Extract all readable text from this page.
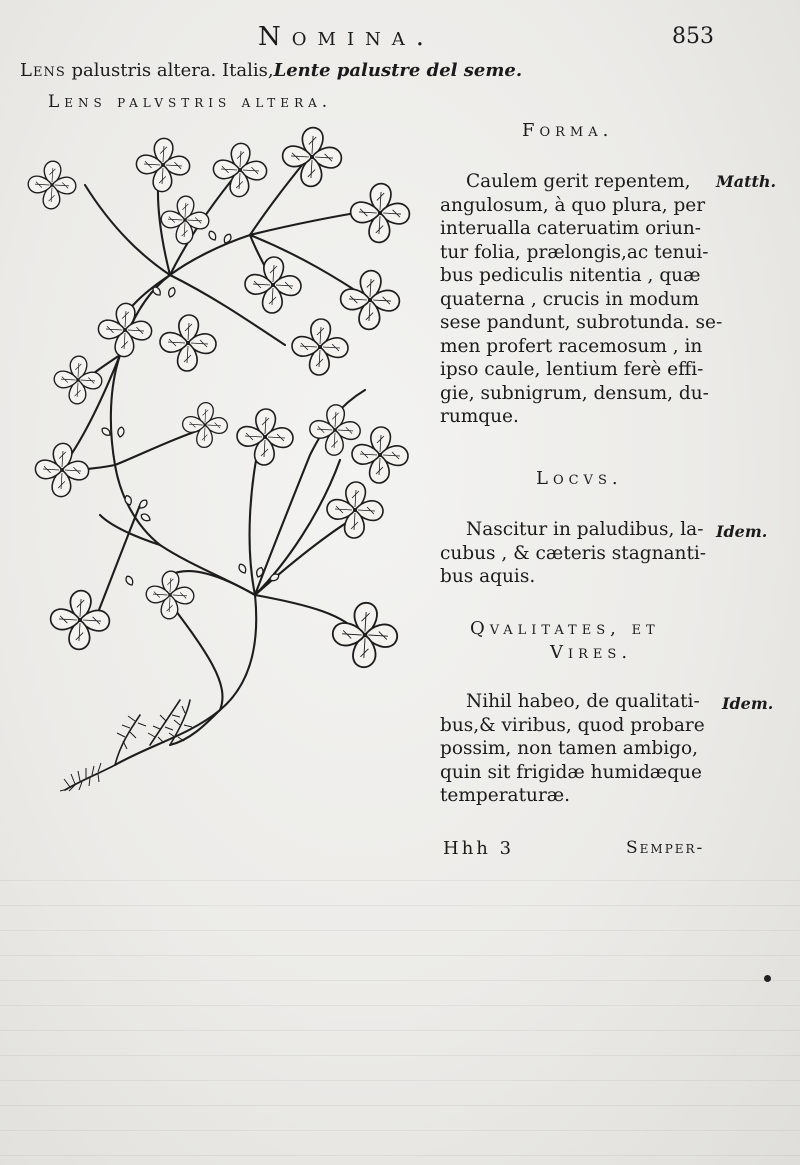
Nomina.	853
Lens palustris altera. Italis,Lente palustre del seme.
Lens palvstris altera.
Forma.
Caulem gerit repentem,
angulosum, à quo plura, per
interualla cateruatim oriun-
tur folia, prælongis,ac tenui-
bus pediculis nitentia , quæ
quaterna , crucis in modum
sese pandunt, subrotunda. se-
men profert racemosum , in
ipso caule, lentium ferè effi-
gie, subnigrum, densum, du-
rumque.
Matth.
Locvs.
Nascitur in paludibus, la-
cubus , & cæteris stagnanti-
bus aquis.
Idem.
Qvalitates, et
Vires.
Nihil habeo, de qualitati-
bus,& viribus, quod probare
possim, non tamen ambigo,
quin sit frigidæ humidæque
temperaturæ.
Idem.
Hhh 3	Semper-
